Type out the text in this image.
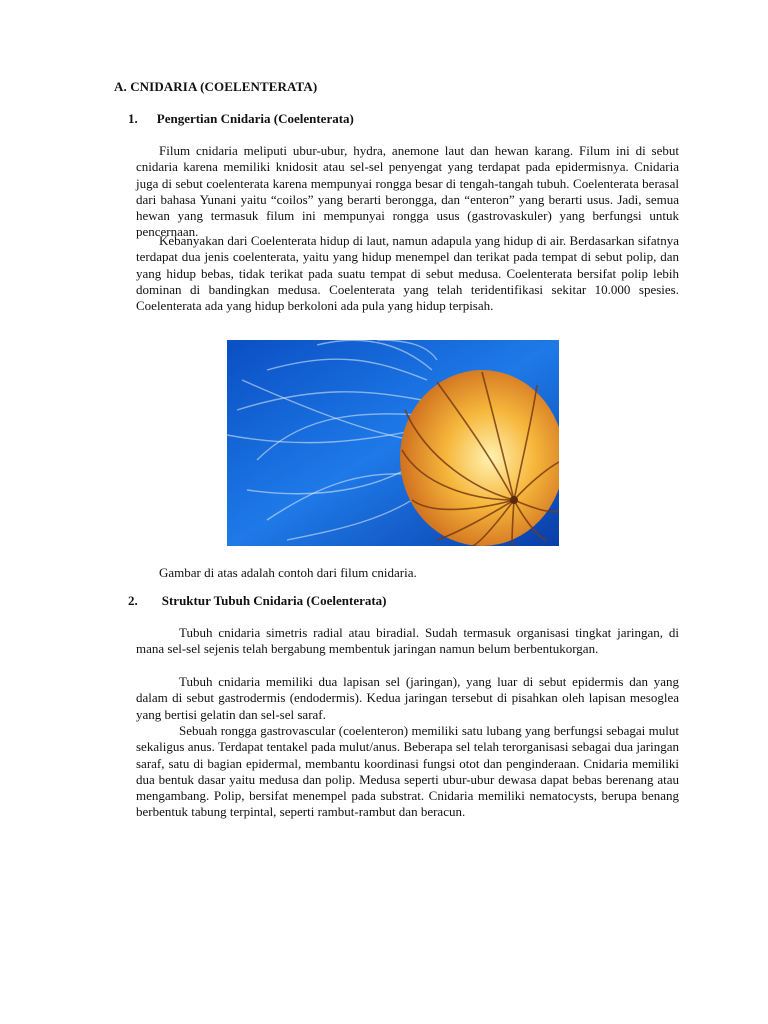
A. CNIDARIA (COELENTERATA)
1. Pengertian Cnidaria (Coelenterata)

Filum cnidaria meliputi ubur-ubur, hydra, anemone laut dan hewan karang. Filum ini di sebut cnidaria karena memiliki knidosit atau sel-sel penyengat yang terdapat pada epidermisnya. Cnidaria juga di sebut coelenterata karena mempunyai rongga besar di tengah-tangah tubuh. Coelenterata berasal dari bahasa Yunani yaitu “coilos” yang berarti berongga, dan “enteron” yang berarti usus. Jadi, semua hewan yang termasuk filum ini mempunyai rongga usus (gastrovaskuler) yang berfungsi untuk pencernaan.

Kebanyakan dari Coelenterata hidup di laut, namun adapula yang hidup di air. Berdasarkan sifatnya terdapat dua jenis coelenterata, yaitu yang hidup menempel dan terikat pada tempat di sebut polip, dan yang hidup bebas, tidak terikat pada suatu tempat di sebut medusa. Coelenterata bersifat polip lebih dominan di bandingkan medusa. Coelenterata yang telah teridentifikasi sekitar 10.000 spesies. Coelenterata ada yang hidup berkoloni ada pula yang hidup terpisah.

Gambar di atas adalah contoh dari filum cnidaria.
2. Struktur Tubuh Cnidaria (Coelenterata)

Tubuh cnidaria simetris radial atau biradial. Sudah termasuk organisasi tingkat jaringan, di mana sel-sel sejenis telah bergabung membentuk jaringan namun belum berbentukorgan.

Tubuh cnidaria memiliki dua lapisan sel (jaringan), yang luar di sebut epidermis dan yang dalam di sebut gastrodermis (endodermis). Kedua jaringan tersebut di pisahkan oleh lapisan mesoglea yang bertisi gelatin dan sel-sel saraf.

Sebuah rongga gastrovascular (coelenteron) memiliki satu lubang yang berfungsi sebagai mulut sekaligus anus. Terdapat tentakel pada mulut/anus. Beberapa sel telah terorganisasi sebagai dua jaringan saraf, satu di bagian epidermal, membantu koordinasi fungsi otot dan penginderaan. Cnidaria memiliki dua bentuk dasar yaitu medusa dan polip. Medusa seperti ubur-ubur dewasa dapat bebas berenang atau mengambang. Polip, bersifat menempel pada substrat. Cnidaria memiliki nematocysts, berupa benang berbentuk tabung terpintal, seperti rambut-rambut dan beracun.
